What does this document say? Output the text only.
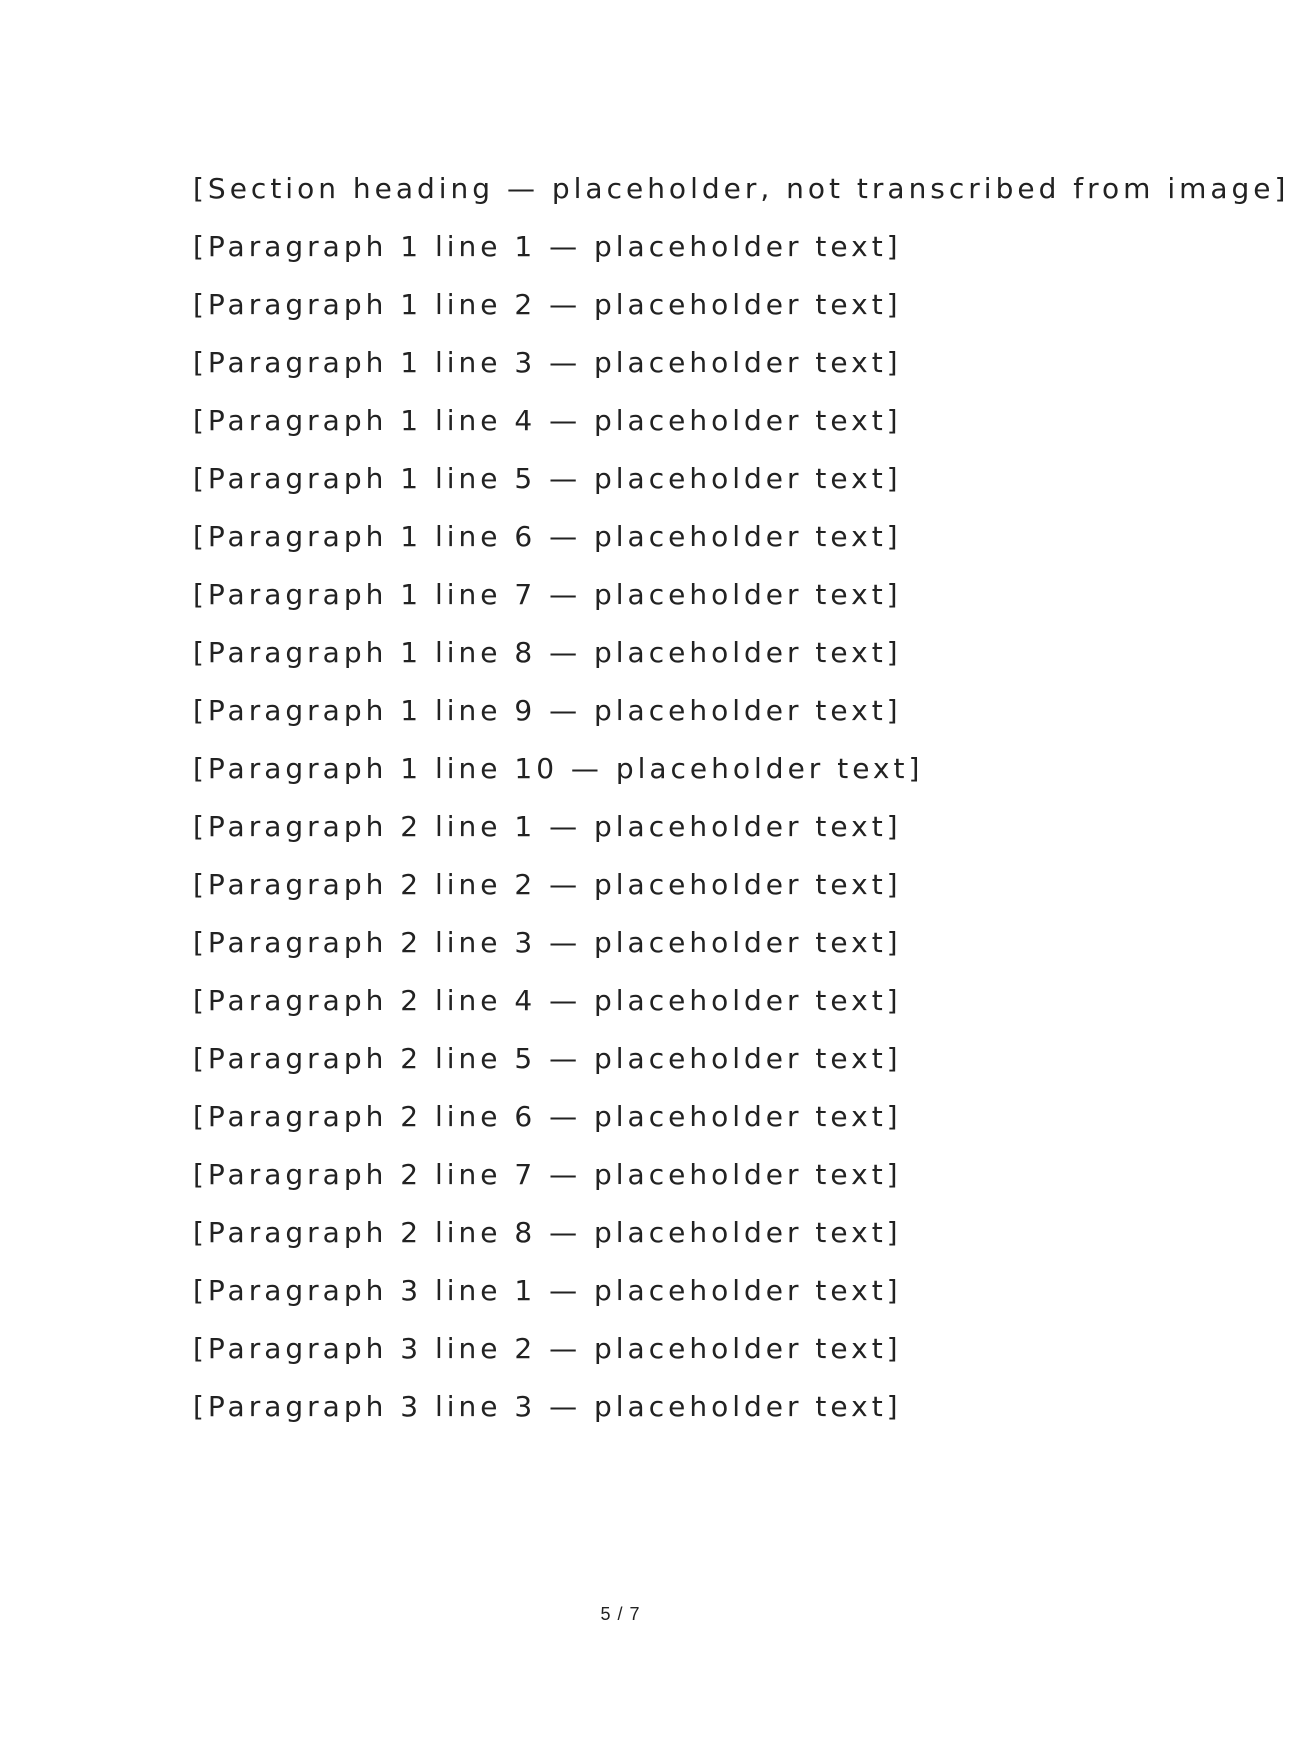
[Section heading — placeholder, not transcribed from image]

[Paragraph 1 line 1 — placeholder text]

[Paragraph 1 line 2 — placeholder text]

[Paragraph 1 line 3 — placeholder text]

[Paragraph 1 line 4 — placeholder text]

[Paragraph 1 line 5 — placeholder text]

[Paragraph 1 line 6 — placeholder text]

[Paragraph 1 line 7 — placeholder text]

[Paragraph 1 line 8 — placeholder text]

[Paragraph 1 line 9 — placeholder text]

[Paragraph 1 line 10 — placeholder text]

[Paragraph 2 line 1 — placeholder text]

[Paragraph 2 line 2 — placeholder text]

[Paragraph 2 line 3 — placeholder text]

[Paragraph 2 line 4 — placeholder text]

[Paragraph 2 line 5 — placeholder text]

[Paragraph 2 line 6 — placeholder text]

[Paragraph 2 line 7 — placeholder text]

[Paragraph 2 line 8 — placeholder text]

[Paragraph 3 line 1 — placeholder text]

[Paragraph 3 line 2 — placeholder text]

[Paragraph 3 line 3 — placeholder text]

5 / 7
